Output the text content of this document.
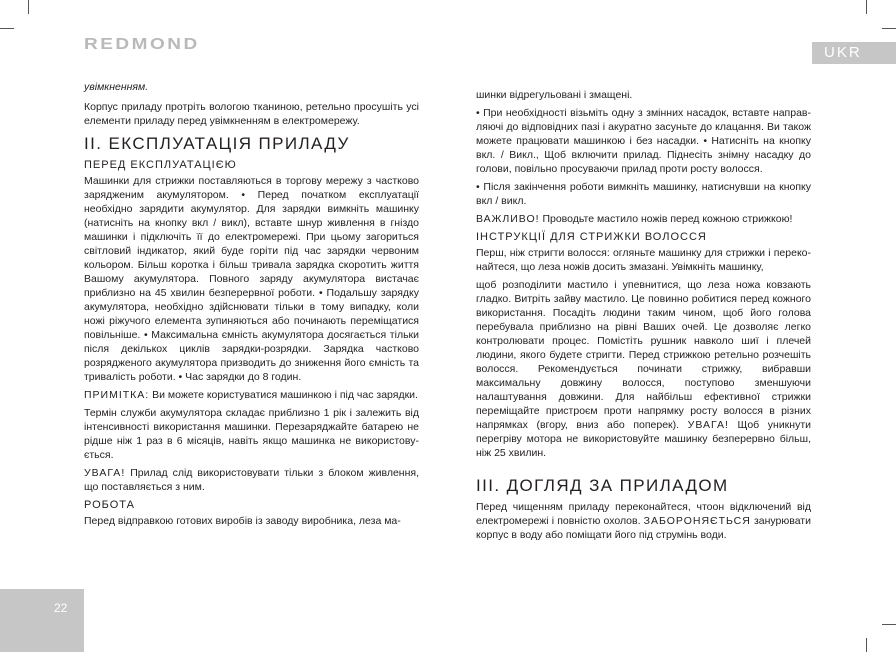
REDMOND	UKR

увімкненням.

Корпус приладу протріть вологою тканиною, ретельно просушіть усі елементи приладу перед увімкненням в електромережу.

II. ЕКСПЛУАТАЦІЯ ПРИЛАДУ
ПЕРЕД ЕКСПЛУАТАЦІЄЮ

Машинки для стрижки поставляються в торгову мережу з частково зарядженим акумулятором. • Перед початком експлуатації необхідно зарядити акумулятор. Для зарядки вимкніть машинку (натисніть на кнопку вкл / викл), вставте шнур живлення в гніздо машинки і підключіть її до електромережі. При цьому загориться світловий індикатор, який буде горіти під час зарядки червоним кольором. Більш коротка і більш тривала зарядка скоротить життя Вашому акумулятора. Повного заряду акумулятора вистачає приблизно на 45 хвилин безперервної роботи. • Подальшу зарядку акумулятора, необхідно здійснювати тільки в тому випадку, коли ножі ріжучого елемента зупиняються або починають переміщатися повільніше. • Максимальна ємність акумулятора досягається тільки після декількох циклів зарядки-розрядки. Зарядка частково розрядженого акумулятора призводить до зниження його ємність та тривалість роботи. • Час зарядки до 8 годин.

ПРИМІТКА: Ви можете користуватися машинкою і під час зарядки.

Термін служби акумулятора складає приблизно 1 рік і залежить від інтенсивності використання машинки. Перезаряджайте батарею не рідше ніж 1 раз в 6 місяців, навіть якщо машинка не використовується.

УВАГА! Прилад слід використовувати тільки з блоком живлення, що поставляється з ним.

РОБОТА

Перед відправкою готових виробів із заводу виробника, леза ма-

шинки відрегульовані і змащені.

• При необхідності візьміть одну з змінних насадок, вставте направляючі до відповідних пазі і акуратно засуньте до клацання. Ви також можете працювати машинкою і без насадки. • Натисніть на кнопку вкл. / Викл., Щоб включити прилад. Піднесіть знімну насадку до голови, повільно просуваючи прилад проти росту волосся.

• Після закінчення роботи вимкніть машинку, натиснувши на кнопку вкл / викл.

ВАЖЛИВО! Проводьте мастило ножів перед кожною стрижкою!

ІНСТРУКЦІЇ ДЛЯ СТРИЖКИ ВОЛОССЯ

Перш, ніж стригти волосся: огляньте машинку для стрижки і переконайтеся, що леза ножів досить змазані. Увімкніть машинку,

щоб розподілити мастило і упевнитися, що леза ножа ковзають гладко. Витріть зайву мастило. Це повинно робитися перед кожного використання. Посадіть людини таким чином, щоб його голова перебувала приблизно на рівні Ваших очей. Це дозволяє легко контролювати процес. Помістіть рушник навколо шиї і плечей людини, якого будете стригти. Перед стрижкою ретельно розчешіть волосся. Рекомендується починати стрижку, вибравши максимальну довжину волосся, поступово зменшуючи налаштування довжини. Для найбільш ефективної стрижки переміщайте пристроєм проти напрямку росту волосся в різних напрямках (вгору, вниз або поперек). УВАГА! Щоб уникнути перегріву мотора не використовуйте машинку безперервно більш, ніж 25 хвилин.

III. ДОГЛЯД ЗА ПРИЛАДОМ

Перед чищенням приладу переконайтеся, чтоон відключений від електромережі і повністю охолов. ЗАБОРОНЯЄТЬСЯ занурювати корпус в воду або поміщати його під струмінь води.

22
